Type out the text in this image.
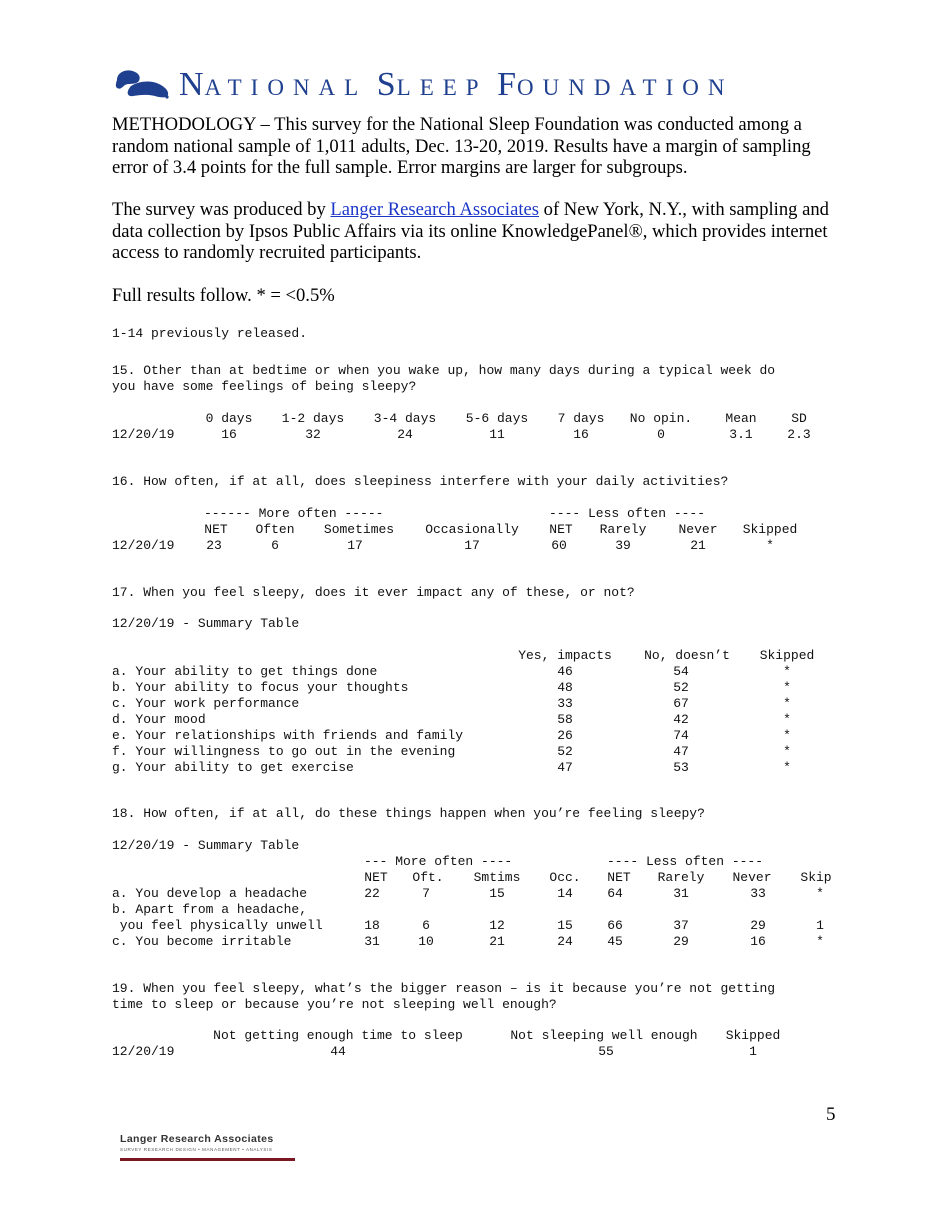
NATIONAL SLEEP FOUNDATION
METHODOLOGY – This survey for the National Sleep Foundation was conducted among a random national sample of 1,011 adults, Dec. 13-20, 2019. Results have a margin of sampling error of 3.4 points for the full sample. Error margins are larger for subgroups.
The survey was produced by Langer Research Associates of New York, N.Y., with sampling and data collection by Ipsos Public Affairs via its online KnowledgePanel®, which provides internet access to randomly recruited participants.
Full results follow. * = <0.5%
1-14 previously released.
15. Other than at bedtime or when you wake up, how many days during a typical week do
you have some feelings of being sleepy?
0 days 1-2 days 3-4 days 5-6 days 7 days No opin.	Mean	SD
12/20/19	16	32	24	11	16	0	3.1	2.3
16. How often, if at all, does sleepiness interfere with your daily activities?
------ More often -----	---- Less often ----
NET Often Sometimes Occasionally NET Rarely Never Skipped
12/20/19 23	6	17	17	60	39	21	*
17. When you feel sleepy, does it ever impact any of these, or not?
12/20/19 - Summary Table
Yes, impacts No, doesn’t Skipped
a. Your ability to get things done	46	54	*
b. Your ability to focus your thoughts	48	52	*
c. Your work performance	33	67	*
d. Your mood	58	42	*
e. Your relationships with friends and family	26	74	*
f. Your willingness to go out in the evening	52	47	*
g. Your ability to get exercise	47	53	*
18. How often, if at all, do these things happen when you’re feeling sleepy?
12/20/19 - Summary Table
--- More often ----	---- Less often ----
NET Oft. Smtims Occ. NET Rarely Never Skip
a. You develop a headache	22	7	15	14	64	31	33	*
b. Apart from a headache,
you feel physically unwell	18	6	12	15	66	37	29	1
c. You become irritable	31	10	21	24	45	29	16	*
19. When you feel sleepy, what’s the bigger reason – is it because you’re not getting
time to sleep or because you’re not sleeping well enough?
Not getting enough time to sleep	Not sleeping well enough Skipped
12/20/19	44	55	1
5
Langer Research Associates
SURVEY RESEARCH DESIGN • MANAGEMENT • ANALYSIS
